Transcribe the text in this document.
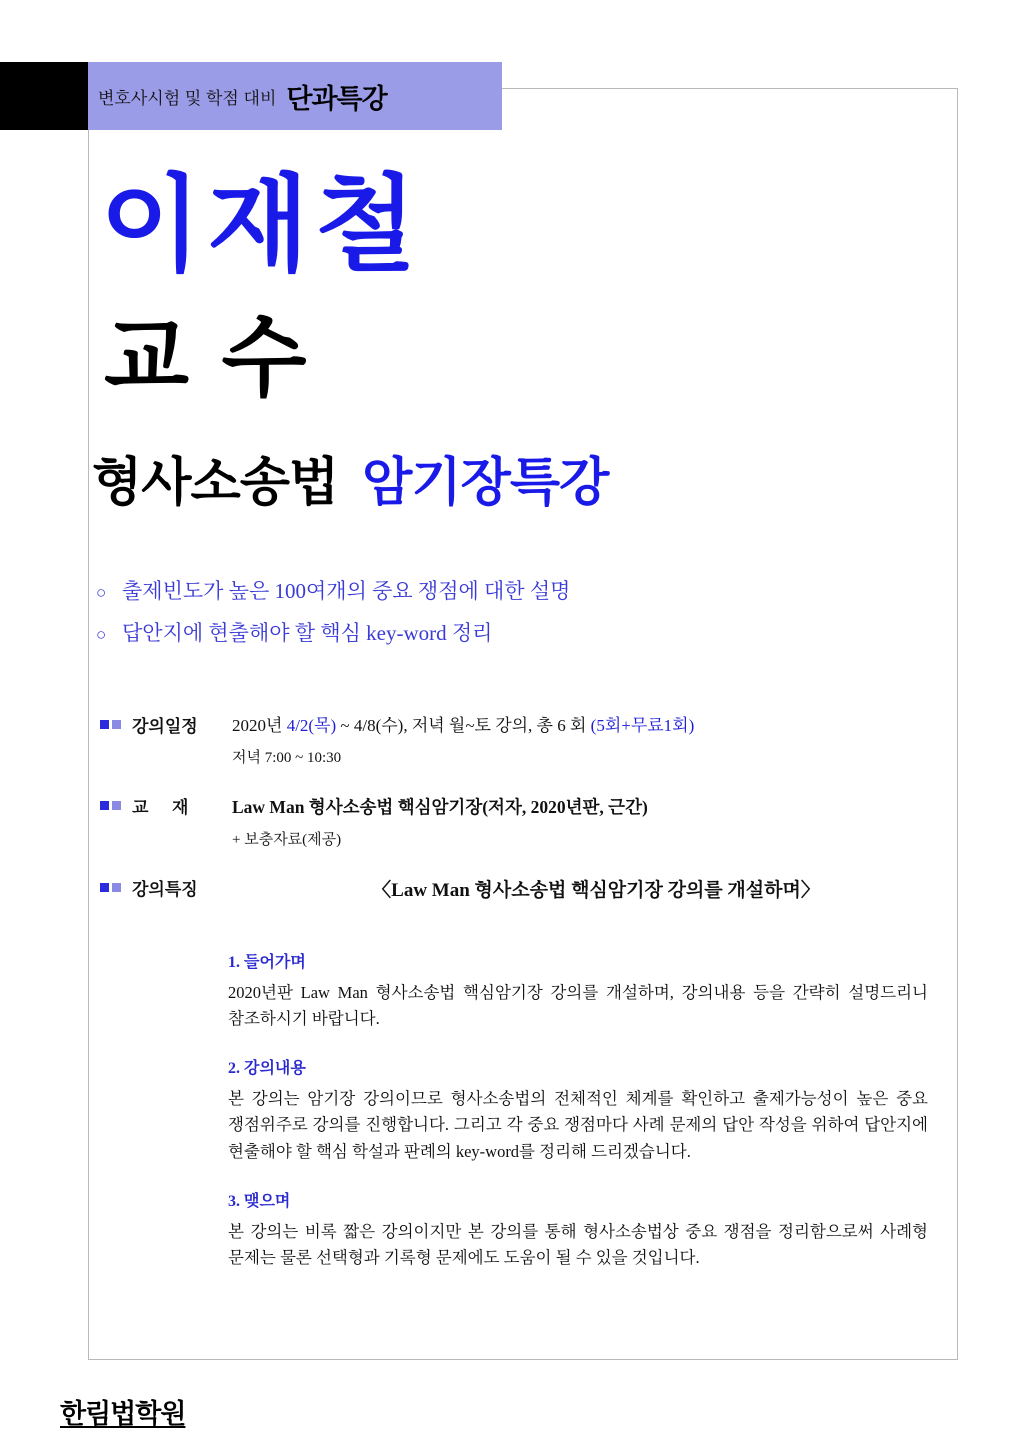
변호사시험 및 학점 대비 단과특강
이재철
교 수
형사소송법 암기장특강
○ 출제빈도가 높은 100여개의 중요 쟁점에 대한 설명
○ 답안지에 현출해야 할 핵심 key-word 정리
강의일정	2020년 4/2(목) ~ 4/8(수), 저녁 월~토 강의, 총 6 회 (5회+무료1회)
저녁 7:00 ~ 10:30
교     재	Law Man 형사소송법 핵심암기장(저자, 2020년판, 근간)
+ 보충자료(제공)
강의특징	〈Law Man 형사소송법 핵심암기장 강의를 개설하며〉
1. 들어가며

2020년판 Law Man 형사소송법 핵심암기장 강의를 개설하며, 강의내용 등을 간략히 설명드리니 참조하시기 바랍니다.

2. 강의내용

본 강의는 암기장 강의이므로 형사소송법의 전체적인 체계를 확인하고 출제가능성이 높은 중요 쟁점위주로 강의를 진행합니다. 그리고 각 중요 쟁점마다 사례 문제의 답안 작성을 위하여 답안지에 현출해야 할 핵심 학설과 판례의 key-word를 정리해 드리겠습니다.

3. 맺으며

본 강의는 비록 짧은 강의이지만 본 강의를 통해 형사소송법상 중요 쟁점을 정리함으로써 사례형 문제는 물론 선택형과 기록형 문제에도 도움이 될 수 있을 것입니다.

한림법학원
